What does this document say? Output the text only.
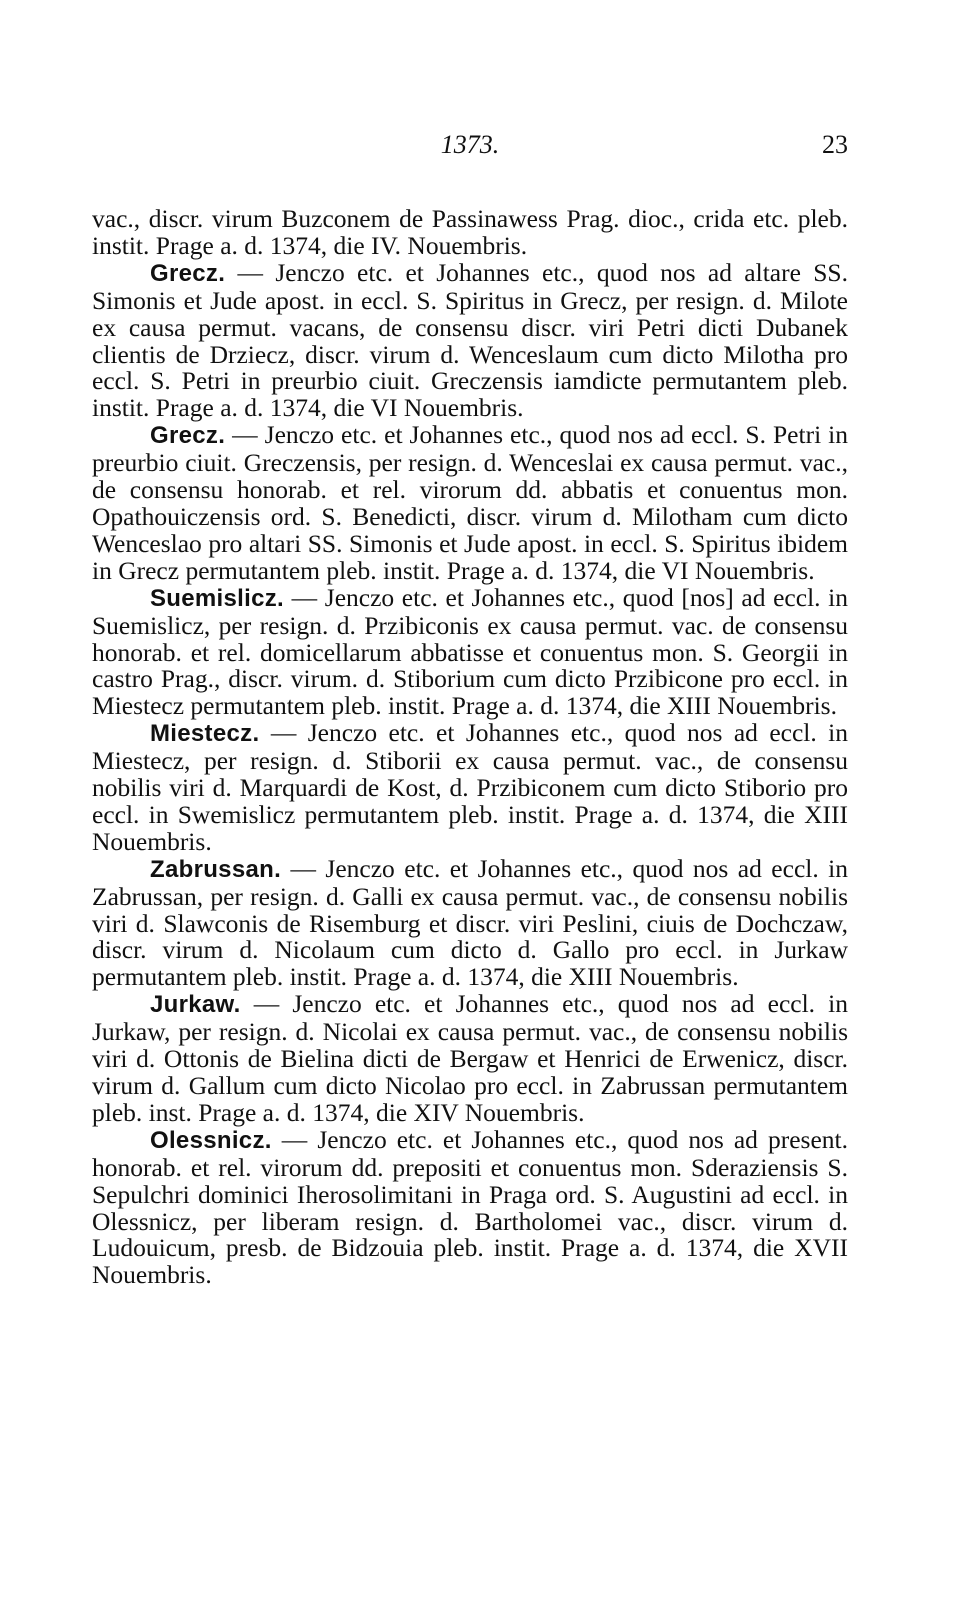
1373.	23

vac., discr. virum Buzconem de Passinawess Prag. dioc., crida etc. pleb. instit. Prage a. d. 1374, die IV. Nouembris.

Grecz. — Jenczo etc. et Johannes etc., quod nos ad altare SS. Simonis et Jude apost. in eccl. S. Spiritus in Grecz, per resign. d. Milote ex causa permut. vacans, de consensu discr. viri Petri dicti Dubanek clientis de Drziecz, discr. virum d. Wenceslaum cum dicto Milotha pro eccl. S. Petri in preurbio ciuit. Greczensis iamdicte permutantem pleb. instit. Prage a. d. 1374, die VI Nouembris.

Grecz. — Jenczo etc. et Johannes etc., quod nos ad eccl. S. Petri in preurbio ciuit. Greczensis, per resign. d. Wenceslai ex causa permut. vac., de consensu honorab. et rel. virorum dd. abbatis et conuentus mon. Opathouiczensis ord. S. Benedicti, discr. virum d. Milotham cum dicto Wenceslao pro altari SS. Simonis et Jude apost. in eccl. S. Spiritus ibidem in Grecz permutantem pleb. instit. Prage a. d. 1374, die VI Nouembris.

Suemislicz. — Jenczo etc. et Johannes etc., quod [nos] ad eccl. in Suemislicz, per resign. d. Przibiconis ex causa permut. vac. de consensu honorab. et rel. domicellarum abbatisse et conuentus mon. S. Georgii in castro Prag., discr. virum. d. Stiborium cum dicto Przibicone pro eccl. in Miestecz permutantem pleb. instit. Prage a. d. 1374, die XIII Nouembris.

Miestecz. — Jenczo etc. et Johannes etc., quod nos ad eccl. in Miestecz, per resign. d. Stiborii ex causa permut. vac., de consensu nobilis viri d. Marquardi de Kost, d. Przibiconem cum dicto Stiborio pro eccl. in Swemislicz permutantem pleb. instit. Prage a. d. 1374, die XIII Nouembris.

Zabrussan. — Jenczo etc. et Johannes etc., quod nos ad eccl. in Zabrussan, per resign. d. Galli ex causa permut. vac., de consensu nobilis viri d. Slawconis de Risemburg et discr. viri Peslini, ciuis de Dochczaw, discr. virum d. Nicolaum cum dicto d. Gallo pro eccl. in Jurkaw permutantem pleb. instit. Prage a. d. 1374, die XIII Nouembris.

Jurkaw. — Jenczo etc. et Johannes etc., quod nos ad eccl. in Jurkaw, per resign. d. Nicolai ex causa permut. vac., de consensu nobilis viri d. Ottonis de Bielina dicti de Bergaw et Henrici de Erwenicz, discr. virum d. Gallum cum dicto Nicolao pro eccl. in Zabrussan permutantem pleb. inst. Prage a. d. 1374, die XIV Nouembris.

Olessnicz. — Jenczo etc. et Johannes etc., quod nos ad present. honorab. et rel. virorum dd. prepositi et conuentus mon. Sderaziensis S. Sepulchri dominici Iherosolimitani in Praga ord. S. Augustini ad eccl. in Olessnicz, per liberam resign. d. Bartholomei vac., discr. virum d. Ludouicum, presb. de Bidzouia pleb. instit. Prage a. d. 1374, die XVII Nouembris.
